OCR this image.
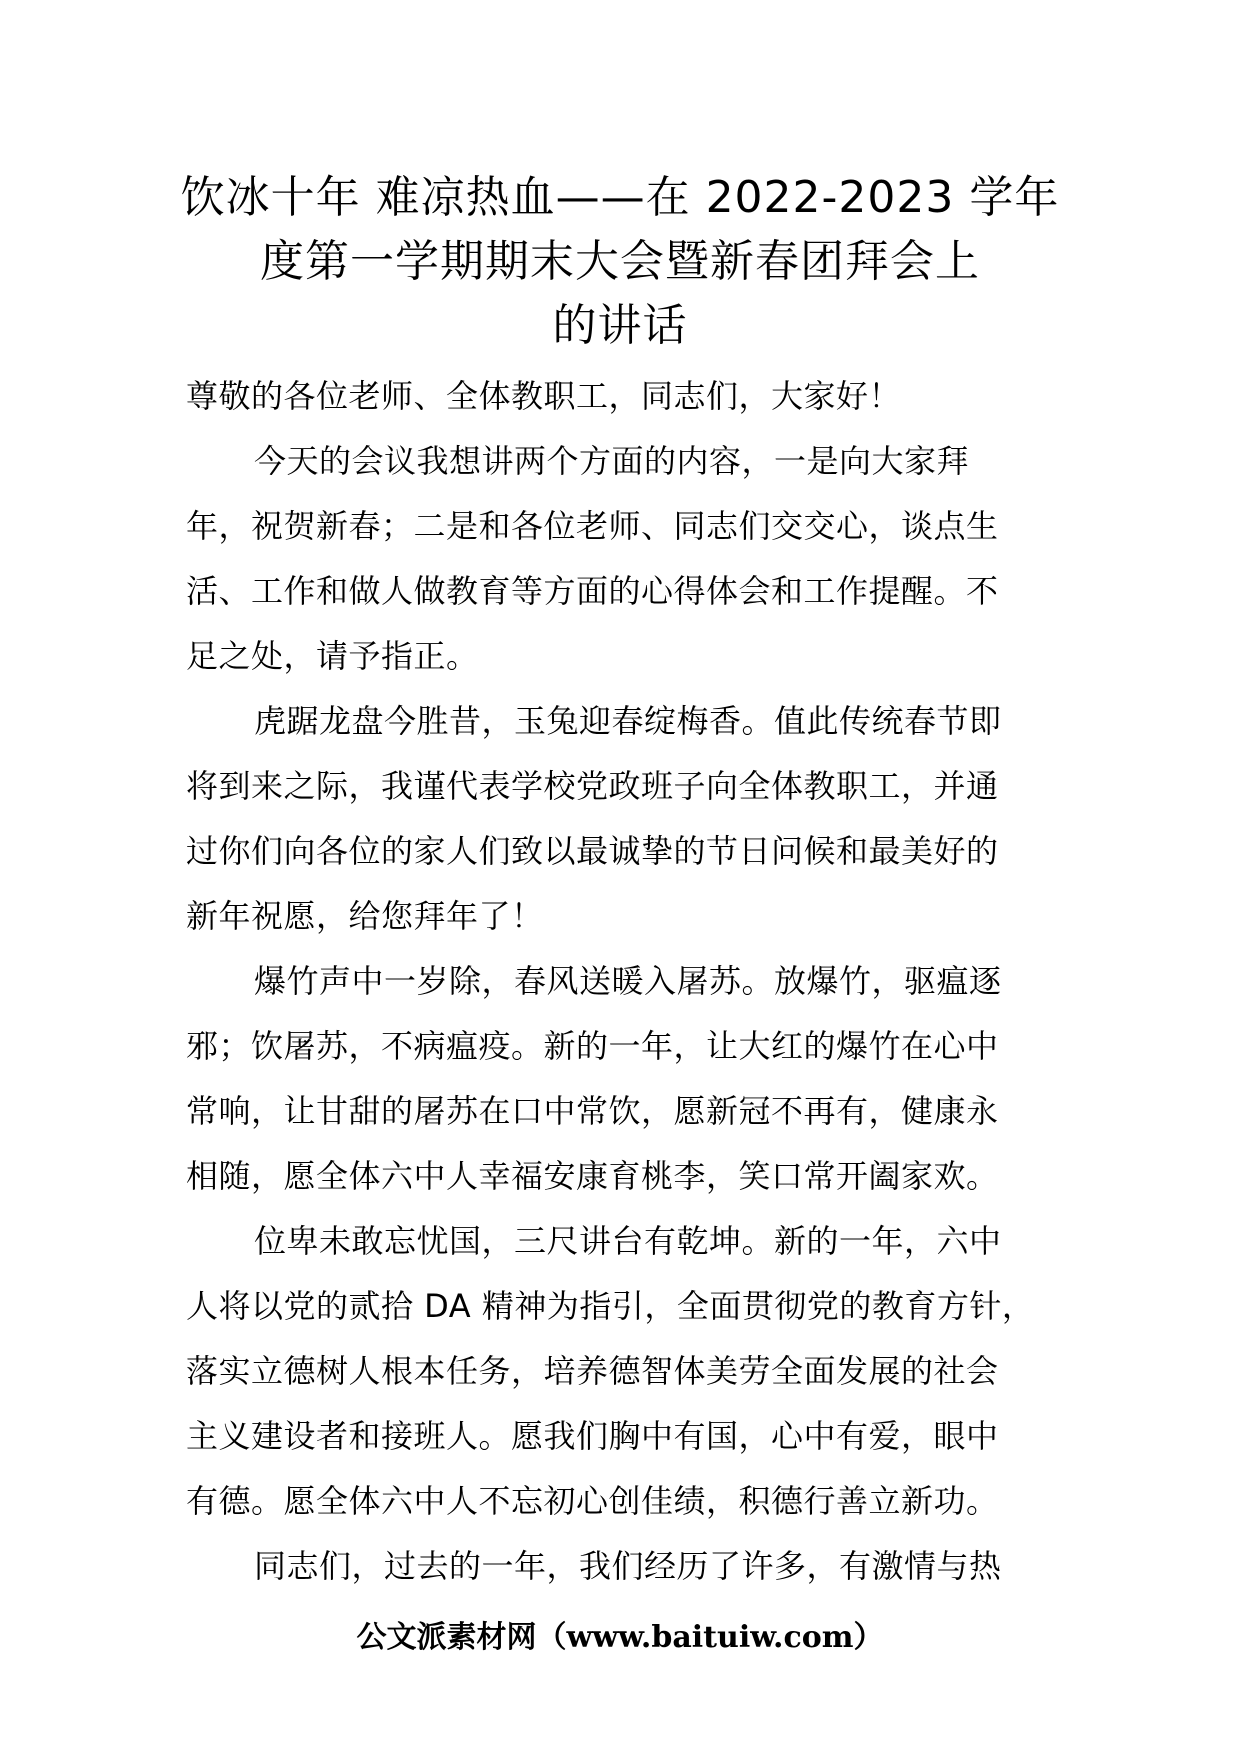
饮冰十年 难凉热血——在 2022-2023 学年
度第一学期期末大会暨新春团拜会上
的讲话
尊敬的各位老师、全体教职工，同志们，大家好！
今天的会议我想讲两个方面的内容，一是向大家拜
年，祝贺新春；二是和各位老师、同志们交交心，谈点生
活、工作和做人做教育等方面的心得体会和工作提醒。不
足之处，请予指正。
虎踞龙盘今胜昔，玉兔迎春绽梅香。值此传统春节即
将到来之际，我谨代表学校党政班子向全体教职工，并通
过你们向各位的家人们致以最诚挚的节日问候和最美好的
新年祝愿，给您拜年了！
爆竹声中一岁除，春风送暖入屠苏。放爆竹，驱瘟逐
邪；饮屠苏，不病瘟疫。新的一年，让大红的爆竹在心中
常响，让甘甜的屠苏在口中常饮，愿新冠不再有，健康永
相随，愿全体六中人幸福安康育桃李，笑口常开阖家欢。
位卑未敢忘忧国，三尺讲台有乾坤。新的一年，六中
人将以党的贰拾 DA 精神为指引，全面贯彻党的教育方针，
落实立德树人根本任务，培养德智体美劳全面发展的社会
主义建设者和接班人。愿我们胸中有国，心中有爱，眼中
有德。愿全体六中人不忘初心创佳绩，积德行善立新功。
同志们，过去的一年，我们经历了许多，有激情与热
公文派素材网（www.baituiw.com）
